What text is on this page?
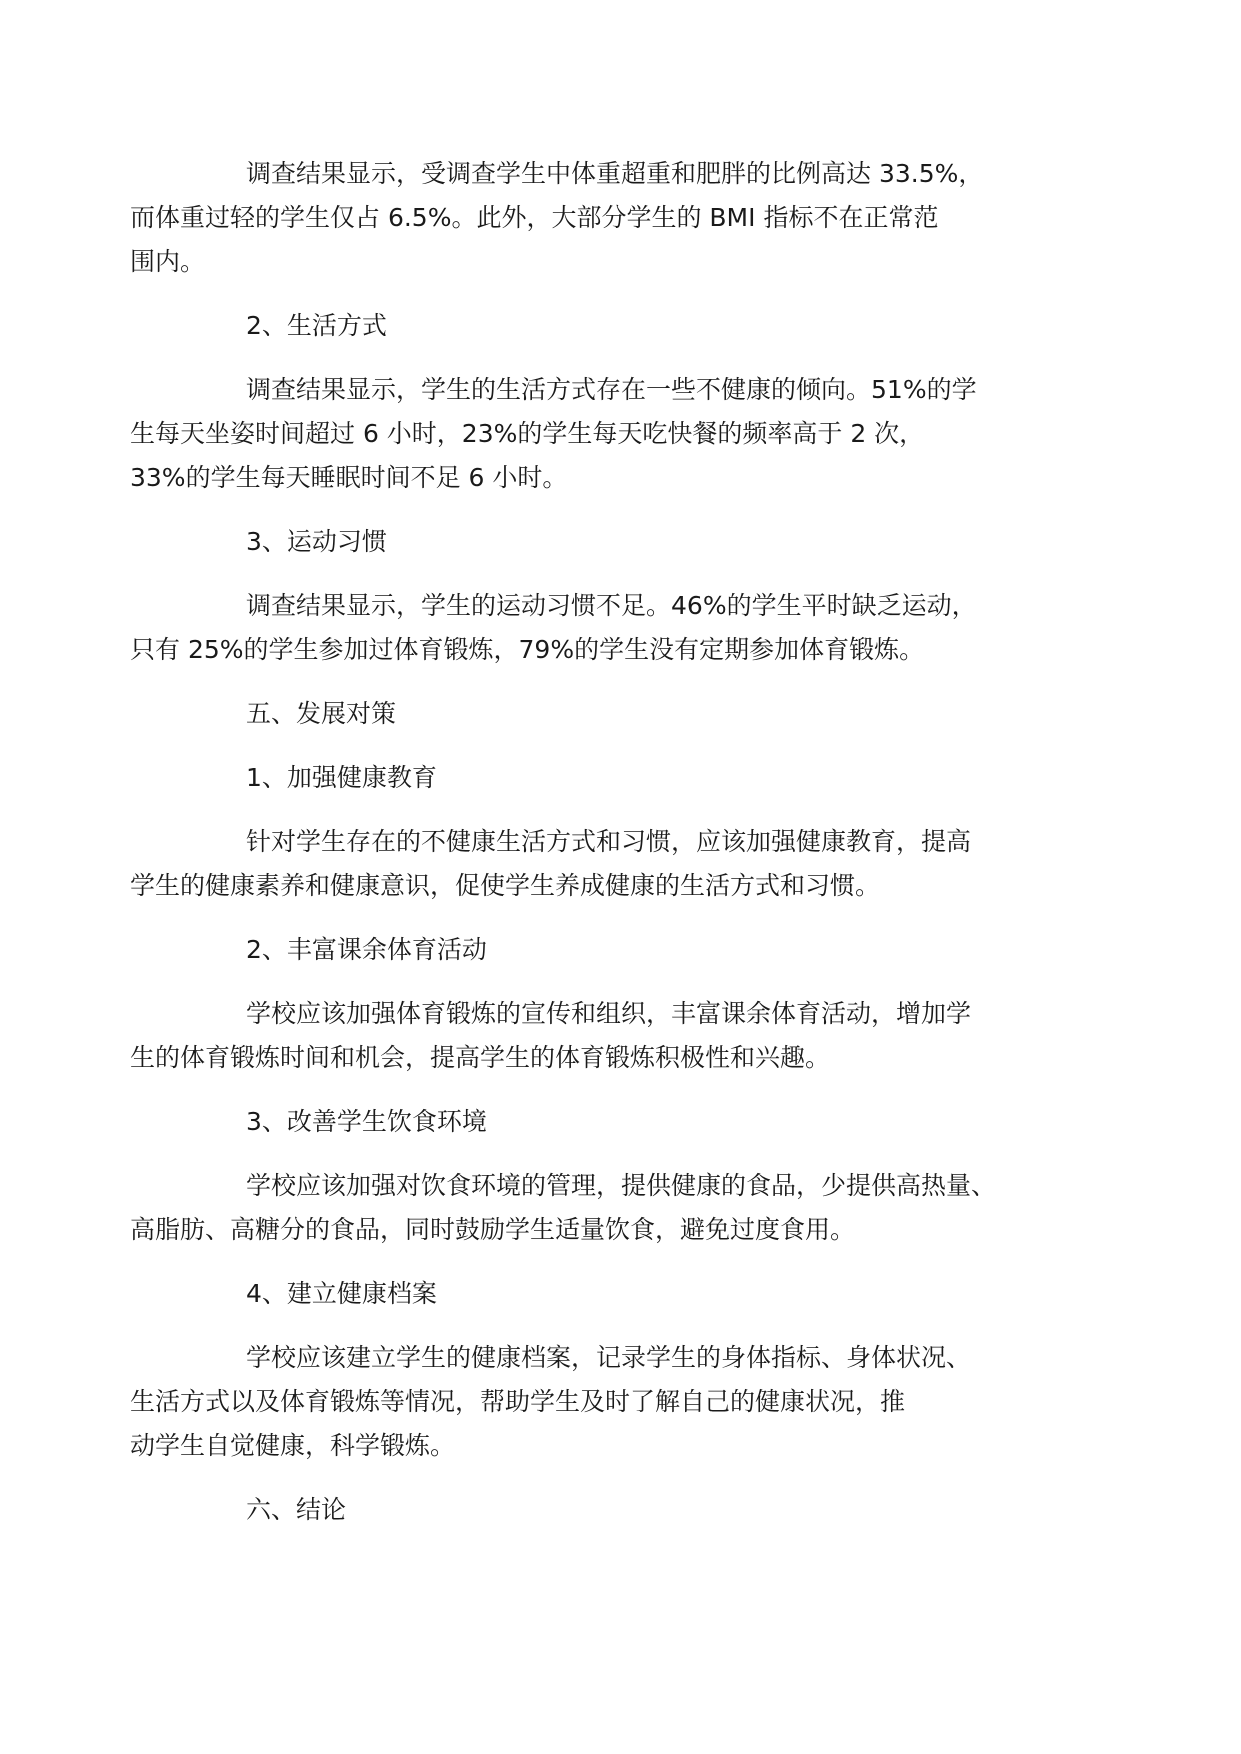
调查结果显示，受调查学生中体重超重和肥胖的比例高达 33.5%，
而体重过轻的学生仅占 6.5%。此外，大部分学生的 BMI 指标不在正常范
围内。
2、生活方式
调查结果显示，学生的生活方式存在一些不健康的倾向。51%的学
生每天坐姿时间超过 6 小时，23%的学生每天吃快餐的频率高于 2 次，
33%的学生每天睡眠时间不足 6 小时。
3、运动习惯
调查结果显示，学生的运动习惯不足。46%的学生平时缺乏运动，
只有 25%的学生参加过体育锻炼，79%的学生没有定期参加体育锻炼。
五、发展对策
1、加强健康教育
针对学生存在的不健康生活方式和习惯，应该加强健康教育，提高
学生的健康素养和健康意识，促使学生养成健康的生活方式和习惯。
2、丰富课余体育活动
学校应该加强体育锻炼的宣传和组织，丰富课余体育活动，增加学
生的体育锻炼时间和机会，提高学生的体育锻炼积极性和兴趣。
3、改善学生饮食环境
学校应该加强对饮食环境的管理，提供健康的食品，少提供高热量、
高脂肪、高糖分的食品，同时鼓励学生适量饮食，避免过度食用。
4、建立健康档案
学校应该建立学生的健康档案，记录学生的身体指标、身体状况、
生活方式以及体育锻炼等情况，帮助学生及时了解自己的健康状况，推
动学生自觉健康，科学锻炼。
六、结论
